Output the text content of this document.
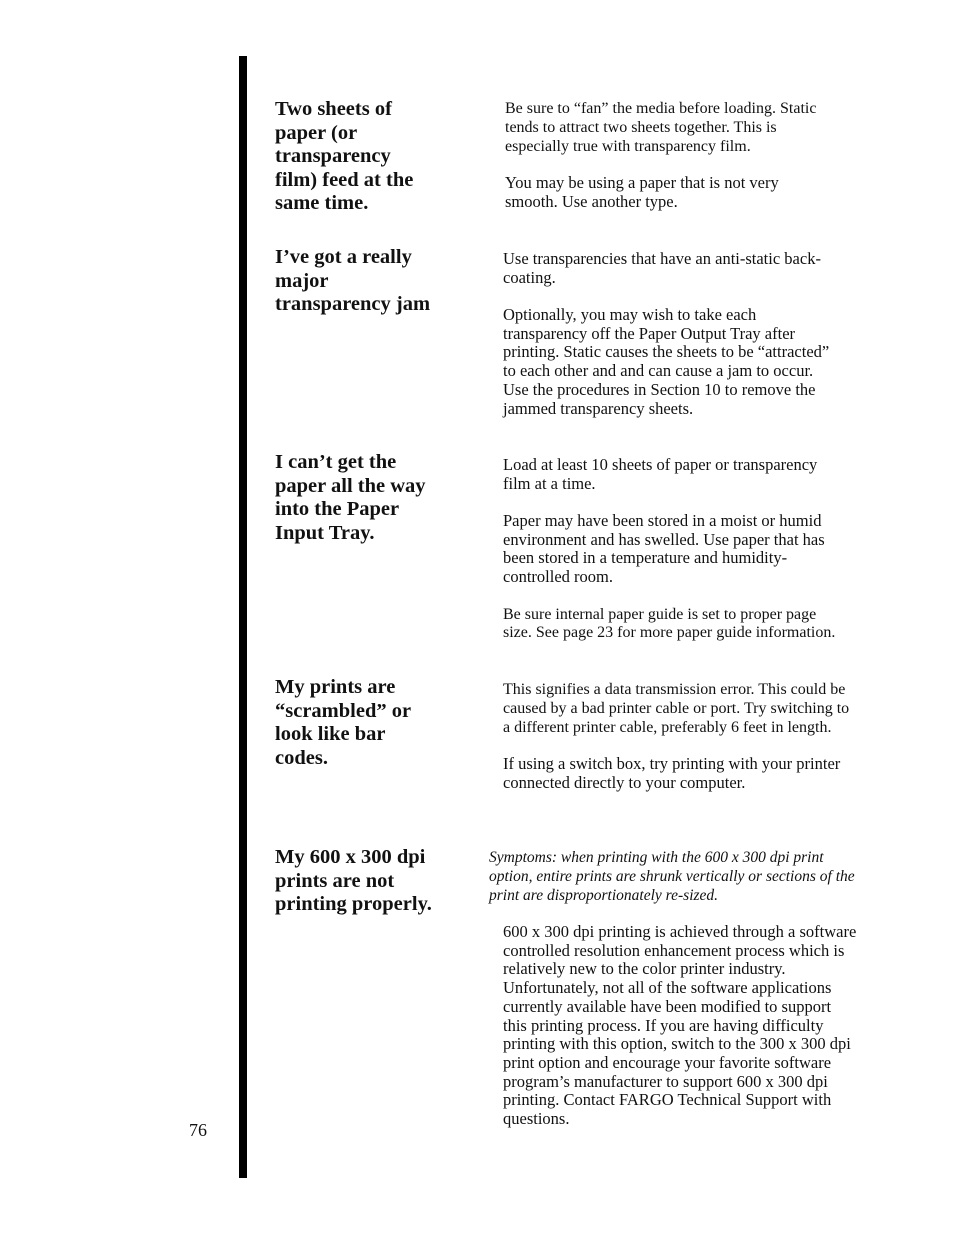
Two sheets of
paper (or
transparency
film) feed at the
same time.
Be sure to “fan” the media before loading. Static
tends to attract two sheets together. This is
especially true with transparency film.
You may be using a paper that is not very
smooth. Use another type.
I’ve got a really
major
transparency jam
Use transparencies that have an anti-static back-
coating.
Optionally, you may wish to take each
transparency off the Paper Output Tray after
printing. Static causes the sheets to be “attracted”
to each other and and can cause a jam to occur.
Use the procedures in Section 10 to remove the
jammed transparency sheets.
I can’t get the
paper all the way
into the Paper
Input Tray.
Load at least 10 sheets of paper or transparency
film at a time.
Paper may have been stored in a moist or humid
environment and has swelled. Use paper that has
been stored in a temperature and humidity-
controlled room.
Be sure internal paper guide is set to proper page
size. See page 23 for more paper guide information.
My prints are
“scrambled” or
look like bar
codes.
This signifies a data transmission error. This could be
caused by a bad printer cable or port. Try switching to
a different printer cable, preferably 6 feet in length.
If using a switch box, try printing with your printer
connected directly to your computer.
My 600 x 300 dpi
prints are not
printing properly.
Symptoms: when printing with the 600 x 300 dpi print
option, entire prints are shrunk vertically or sections of the
print are disproportionately re-sized.
600 x 300 dpi printing is achieved through a software
controlled resolution enhancement process which is
relatively new to the color printer industry.
Unfortunately, not all of the software applications
currently available have been modified to support
this printing process. If you are having difficulty
printing with this option, switch to the 300 x 300 dpi
print option and encourage your favorite software
program’s manufacturer to support 600 x 300 dpi
printing. Contact FARGO Technical Support with
questions.
76
